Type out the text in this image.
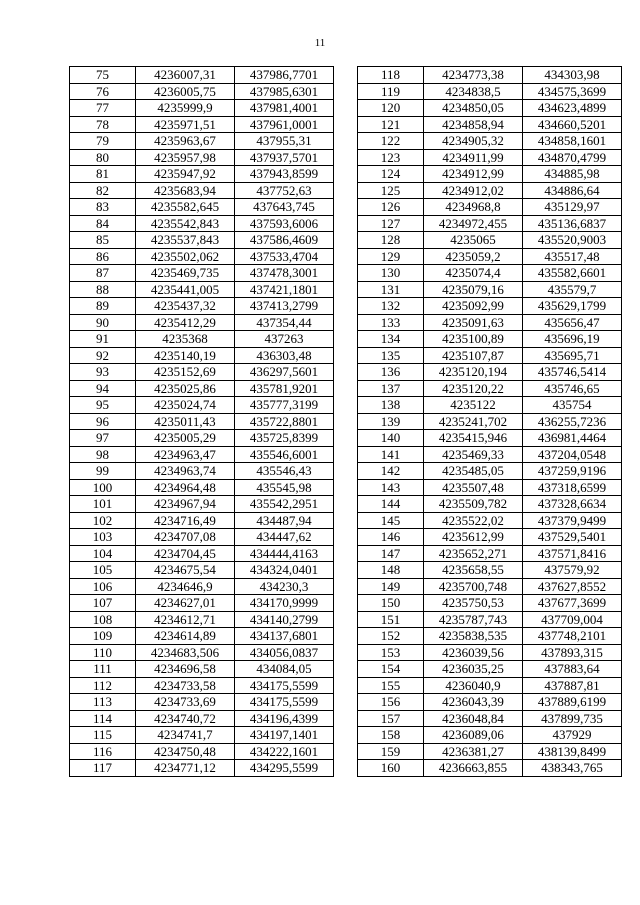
11
75	4236007,31	437986,7701
76	4236005,75	437985,6301
77	4235999,9	437981,4001
78	4235971,51	437961,0001
79	4235963,67	437955,31
80	4235957,98	437937,5701
81	4235947,92	437943,8599
82	4235683,94	437752,63
83	4235582,645	437643,745
84	4235542,843	437593,6006
85	4235537,843	437586,4609
86	4235502,062	437533,4704
87	4235469,735	437478,3001
88	4235441,005	437421,1801
89	4235437,32	437413,2799
90	4235412,29	437354,44
91	4235368	437263
92	4235140,19	436303,48
93	4235152,69	436297,5601
94	4235025,86	435781,9201
95	4235024,74	435777,3199
96	4235011,43	435722,8801
97	4235005,29	435725,8399
98	4234963,47	435546,6001
99	4234963,74	435546,43
100	4234964,48	435545,98
101	4234967,94	435542,2951
102	4234716,49	434487,94
103	4234707,08	434447,62
104	4234704,45	434444,4163
105	4234675,54	434324,0401
106	4234646,9	434230,3
107	4234627,01	434170,9999
108	4234612,71	434140,2799
109	4234614,89	434137,6801
110	4234683,506	434056,0837
111	4234696,58	434084,05
112	4234733,58	434175,5599
113	4234733,69	434175,5599
114	4234740,72	434196,4399
115	4234741,7	434197,1401
116	4234750,48	434222,1601
117	4234771,12	434295,5599
118	4234773,38	434303,98
119	4234838,5	434575,3699
120	4234850,05	434623,4899
121	4234858,94	434660,5201
122	4234905,32	434858,1601
123	4234911,99	434870,4799
124	4234912,99	434885,98
125	4234912,02	434886,64
126	4234968,8	435129,97
127	4234972,455	435136,6837
128	4235065	435520,9003
129	4235059,2	435517,48
130	4235074,4	435582,6601
131	4235079,16	435579,7
132	4235092,99	435629,1799
133	4235091,63	435656,47
134	4235100,89	435696,19
135	4235107,87	435695,71
136	4235120,194	435746,5414
137	4235120,22	435746,65
138	4235122	435754
139	4235241,702	436255,7236
140	4235415,946	436981,4464
141	4235469,33	437204,0548
142	4235485,05	437259,9196
143	4235507,48	437318,6599
144	4235509,782	437328,6634
145	4235522,02	437379,9499
146	4235612,99	437529,5401
147	4235652,271	437571,8416
148	4235658,55	437579,92
149	4235700,748	437627,8552
150	4235750,53	437677,3699
151	4235787,743	437709,004
152	4235838,535	437748,2101
153	4236039,56	437893,315
154	4236035,25	437883,64
155	4236040,9	437887,81
156	4236043,39	437889,6199
157	4236048,84	437899,735
158	4236089,06	437929
159	4236381,27	438139,8499
160	4236663,855	438343,765
